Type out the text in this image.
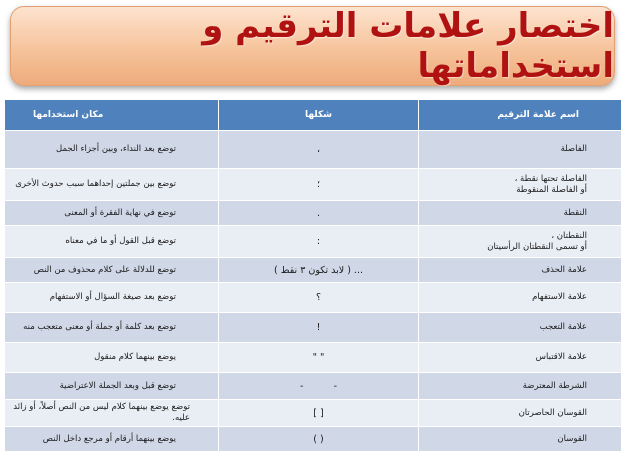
اختصار علامات الترقيم و استخداماتها
اسم علامة الترقيم	شكلها	مكان استخدامها
الفاصلة	،	توضع بعد النداء، وبين أجزاء الجمل
الفاصلة تحتها نقطة ،
أو الفاصلة المنقوطة	؛	توضع بين جملتين إحداهما سبب حدوث الأخرى
النقطة	.	توضع في نهاية الفقرة أو المعنى
النقطتان ،
أو تسمى النقطتان الرأسيتان	:	توضع قبل القول أو ما في معناه
علامة الحذف	... ( لابد تكون ٣ نقط )	توضع للدلالة على كلام محذوف من النص
علامة الاستفهام	؟	توضع بعد صيغة السؤال أو الاستفهام
علامة التعجب	!	توضع بعد كلمة أو جملة أو معنى متعجب منه
علامة الاقتباس	" "	يوضع بينهما كلام منقول
الشرطة المعترضة	-          -	توضع قبل وبعد الجملة الاعتراضية
القوسان الحاصرتان	[ ]	توضع يوضع بينهما كلام ليس من النص أصلاً، أو زائد عليه.
القوسان	( )	يوضع بينهما أرقام أو مرجع داخل النص
